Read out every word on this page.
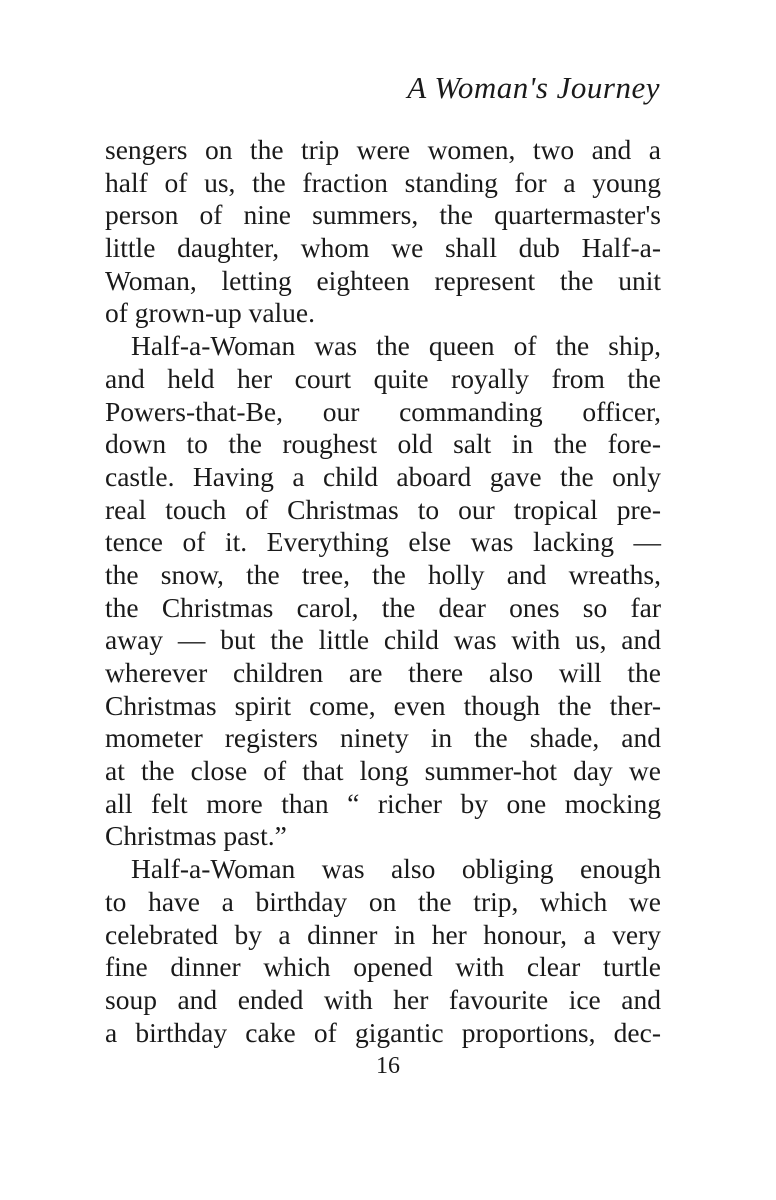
A Woman's Journey
sengers on the trip were women, two and a
half of us, the fraction standing for a young
person of nine summers, the quartermaster's
little daughter, whom we shall dub Half-a-
Woman, letting eighteen represent the unit
of grown-up value.
Half-a-Woman was the queen of the ship,
and held her court quite royally from the
Powers-that-Be, our commanding officer,
down to the roughest old salt in the fore-
castle. Having a child aboard gave the only
real touch of Christmas to our tropical pre-
tence of it. Everything else was lacking —
the snow, the tree, the holly and wreaths,
the Christmas carol, the dear ones so far
away — but the little child was with us, and
wherever children are there also will the
Christmas spirit come, even though the ther-
mometer registers ninety in the shade, and
at the close of that long summer-hot day we
all felt more than “ richer by one mocking
Christmas past.”
Half-a-Woman was also obliging enough
to have a birthday on the trip, which we
celebrated by a dinner in her honour, a very
fine dinner which opened with clear turtle
soup and ended with her favourite ice and
a birthday cake of gigantic proportions, dec-

16
